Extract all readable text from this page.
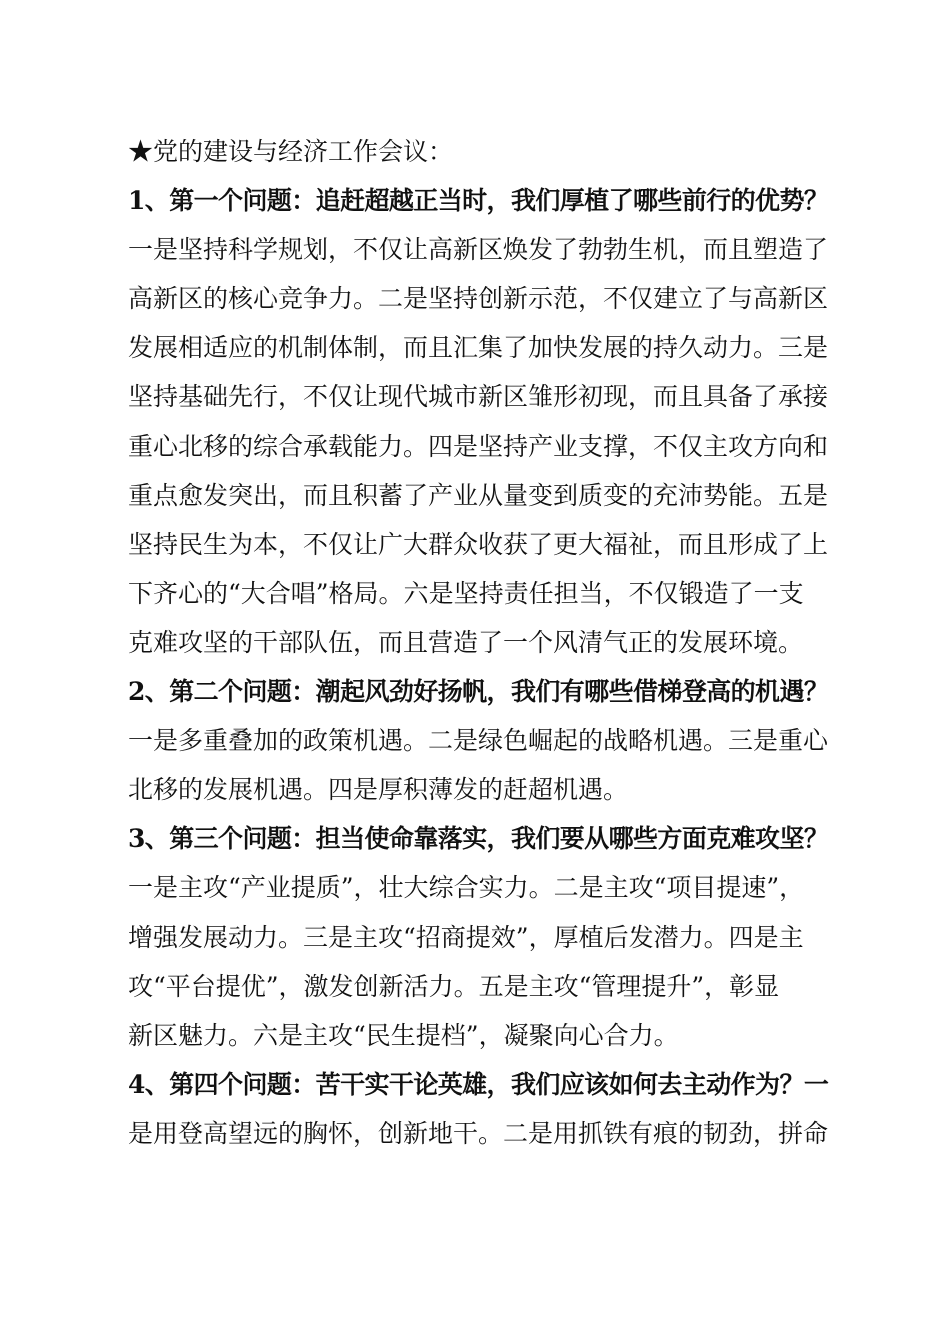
★党的建设与经济工作会议：
1、第一个问题：追赶超越正当时，我们厚植了哪些前行的优势？
一是坚持科学规划，不仅让高新区焕发了勃勃生机，而且塑造了
高新区的核心竞争力。二是坚持创新示范，不仅建立了与高新区
发展相适应的机制体制，而且汇集了加快发展的持久动力。三是
坚持基础先行，不仅让现代城市新区雏形初现，而且具备了承接
重心北移的综合承载能力。四是坚持产业支撑，不仅主攻方向和
重点愈发突出，而且积蓄了产业从量变到质变的充沛势能。五是
坚持民生为本，不仅让广大群众收获了更大福祉，而且形成了上
下齐心的“大合唱”格局。六是坚持责任担当，不仅锻造了一支
克难攻坚的干部队伍，而且营造了一个风清气正的发展环境。
2、第二个问题：潮起风劲好扬帆，我们有哪些借梯登高的机遇？
一是多重叠加的政策机遇。二是绿色崛起的战略机遇。三是重心
北移的发展机遇。四是厚积薄发的赶超机遇。
3、第三个问题：担当使命靠落实，我们要从哪些方面克难攻坚？
一是主攻“产业提质”，壮大综合实力。二是主攻“项目提速”，
增强发展动力。三是主攻“招商提效”，厚植后发潜力。四是主
攻“平台提优”，激发创新活力。五是主攻“管理提升”，彰显
新区魅力。六是主攻“民生提档”，凝聚向心合力。
4、第四个问题：苦干实干论英雄，我们应该如何去主动作为？一
是用登高望远的胸怀，创新地干。二是用抓铁有痕的韧劲，拼命
